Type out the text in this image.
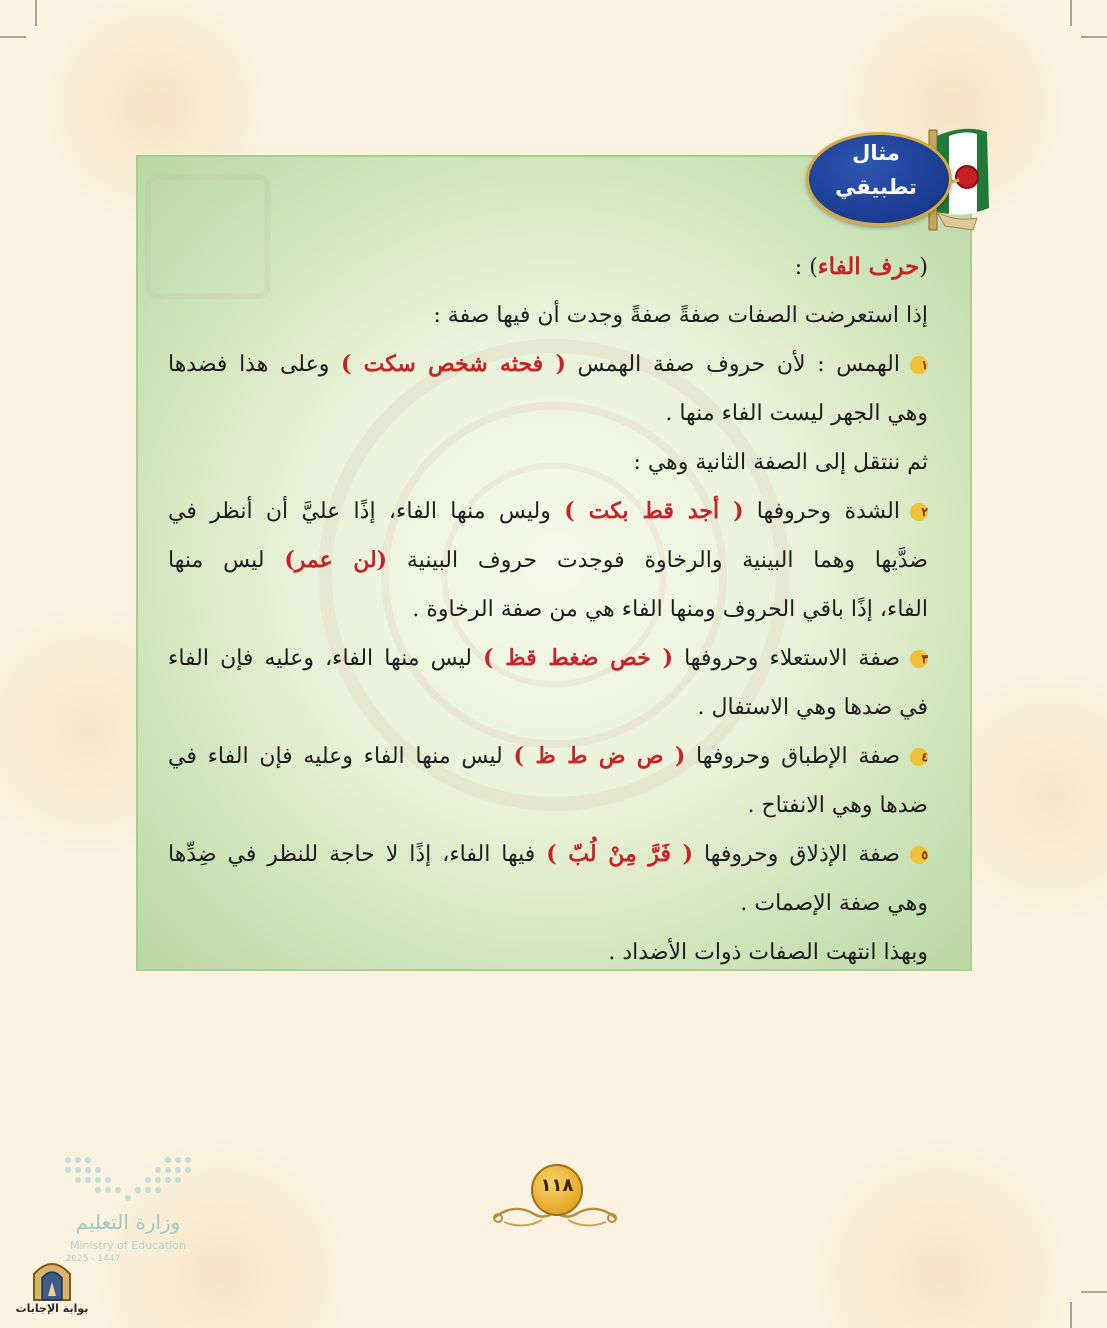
(حرف الفاء) :
إذا استعرضت الصفات صفةً صفةً وجدت أن فيها صفة :
١الهمس : لأن حروف صفة الهمس ( فحثه شخص سكت ) وعلى هذا فضدها
وهي الجهر ليست الفاء منها .
ثم ننتقل إلى الصفة الثانية وهي :
٢الشدة وحروفها ( أجد قط بكت ) وليس منها الفاء، إذًا عليَّ أن أنظر في
ضدَّيها وهما البينية والرخاوة فوجدت حروف البينية (لن عمر) ليس منها
الفاء، إذًا باقي الحروف ومنها الفاء هي من صفة الرخاوة .
٣صفة الاستعلاء وحروفها ( خص ضغط قظ ) ليس منها الفاء، وعليه فإن الفاء
في ضدها وهي الاستفال .
٤صفة الإطباق وحروفها ( ص ض ط ظ ) ليس منها الفاء وعليه فإن الفاء في
ضدها وهي الانفتاح .
٥صفة الإذلاق وحروفها ( فَرَّ مِنْ لُبّ ) فيها الفاء، إذًا لا حاجة للنظر في ضِدِّها
وهي صفة الإصمات .
وبهذا انتهت الصفات ذوات الأضداد .
مثال
تطبيقي
١١٨
وزارة التعليم
Ministry of Education
2025 - 1447
بوابة الإجابات
